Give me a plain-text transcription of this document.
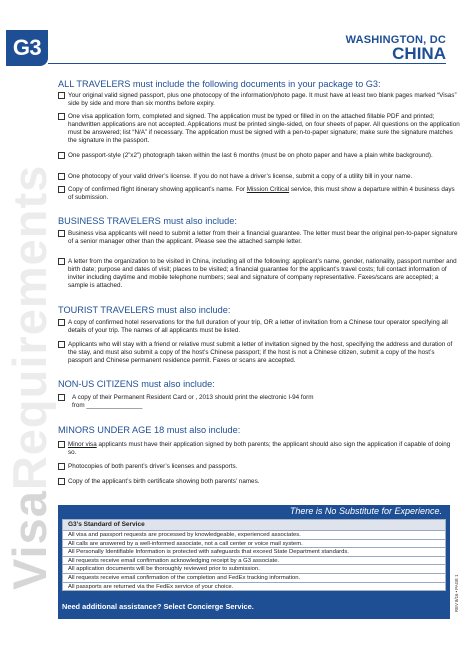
G3	WASHINGTON, DC
CHINA
VisaRequirements
ALL TRAVELERS must include the following documents in your package to G3:
Your original valid signed passport, plus one photocopy of the information/photo page. It must have at least two blank pages marked “Visas” side by side and more than six months before expiry.
One visa application form, completed and signed. The application must be typed or filled in on the attached fillable PDF and printed; handwritten applications are not accepted. Applications must be printed single-sided, on four sheets of paper. All questions on the application must be answered; list “N/A” if necessary. The application must be signed with a pen-to-paper signature; make sure the signature matches the signature in the passport.
One passport-style (2”x2”) photograph taken within the last 6 months (must be on photo paper and have a plain white background).
One photocopy of your valid driver’s license. If you do not have a driver’s license, submit a copy of a utility bill in your name.
Copy of confirmed flight itinerary showing applicant’s name. For Mission Critical service, this must show a departure within 4 business days of submission.
BUSINESS TRAVELERS must also include:
Business visa applicants will need to submit a letter from their a financial guarantee. The letter must bear the original pen-to-paper signature of a senior manager other than the applicant. Please see the attached sample letter.
A letter from the organization to be visited in China, including all of the following: applicant’s name, gender, nationality, passport number and birth date; purpose and dates of visit; places to be visited; a financial guarantee for the applicant’s travel costs; full contact information of inviter including daytime and mobile telephone numbers; seal and signature of company representative. Faxes/scans are accepted; a sample is attached.
TOURIST TRAVELERS must also include:
A copy of confirmed hotel reservations for the full duration of your trip, OR a letter of invitation from a Chinese tour operator specifying all details of your trip. The names of all applicants must be listed.
Applicants who will stay with a friend or relative must submit a letter of invitation signed by the host, specifying the address and duration of the stay, and must also submit a copy of the host’s Chinese passport; if the host is not a Chinese citizen, submit a copy of the host’s passport and Chinese permanent residence permit. Faxes or scans are accepted.
NON-US CITIZENS must also include:
A copy of their Permanent Resident Card or , 2013 should print the electronic I-94 form from ________________
MINORS UNDER AGE 18 must also include:
Minor visa applicants must have their application signed by both parents; the applicant should also sign the application if capable of doing so.
Photocopies of both parent’s driver’s licenses and passports.
Copy of the applicant’s birth certificate showing both parents’ names.
There is No Substitute for Experience.
G3’s Standard of Service
All visa and passport requests are processed by knowledgeable, experienced associates.
All calls are answered by a well-informed associate, not a call center or voice mail system.
All Personally Identifiable Information is protected with safeguards that exceed State Department standards.
All requests receive email confirmation acknowledging receipt by a G3 associate.
All application documents will be thoroughly reviewed prior to submission.
All requests receive email confirmation of the completion and FedEx tracking information.
All passports are returned via the FedEx service of your choice.
Need additional assistance? Select Concierge Service.	REV 8/16 • PAGE 1
